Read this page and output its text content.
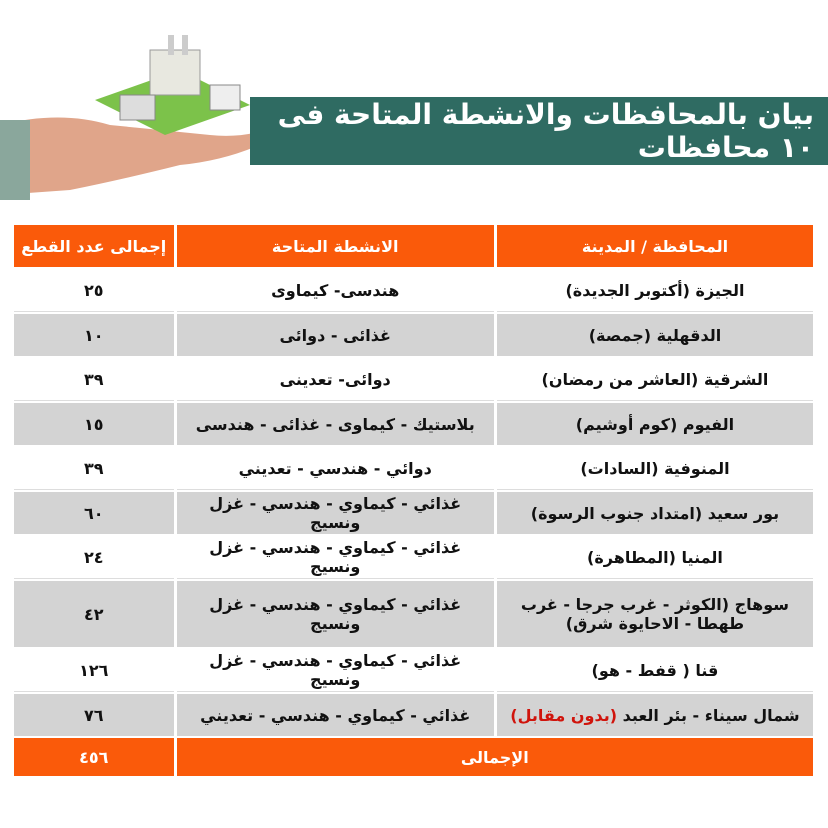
بيان بالمحافظات والانشطة المتاحة فى ١٠ محافظات
المحافظة / المدينة	الانشطة المتاحة	إجمالى عدد القطع
الجيزة (أكتوبر الجديدة)	هندسى- كيماوى	٢٥
الدقهلية (جمصة)	غذائى - دوائى	١٠
الشرقية (العاشر من رمضان)	دوائى- تعدينى	٣٩
الفيوم (كوم أوشيم)	بلاستيك - كيماوى - غذائى - هندسى	١٥
المنوفية (السادات)	دوائي - هندسي - تعديني	٣٩
بور سعيد (امتداد جنوب الرسوة)	غذائي - كيماوي - هندسي - غزل ونسيج	٦٠
المنيا (المطاهرة)	غذائي - كيماوي - هندسي - غزل ونسيج	٢٤
سوهاج (الكوثر - غرب جرجا - غرب طهطا - الاحايوة شرق)	غذائي - كيماوي - هندسي - غزل ونسيج	٤٢
قنا ( قفط - هو)	غذائي - كيماوي - هندسي - غزل ونسيج	١٢٦
شمال سيناء - بئر العبد (بدون مقابل)	غذائي - كيماوي - هندسي - تعديني	٧٦
الإجمالى		٤٥٦
